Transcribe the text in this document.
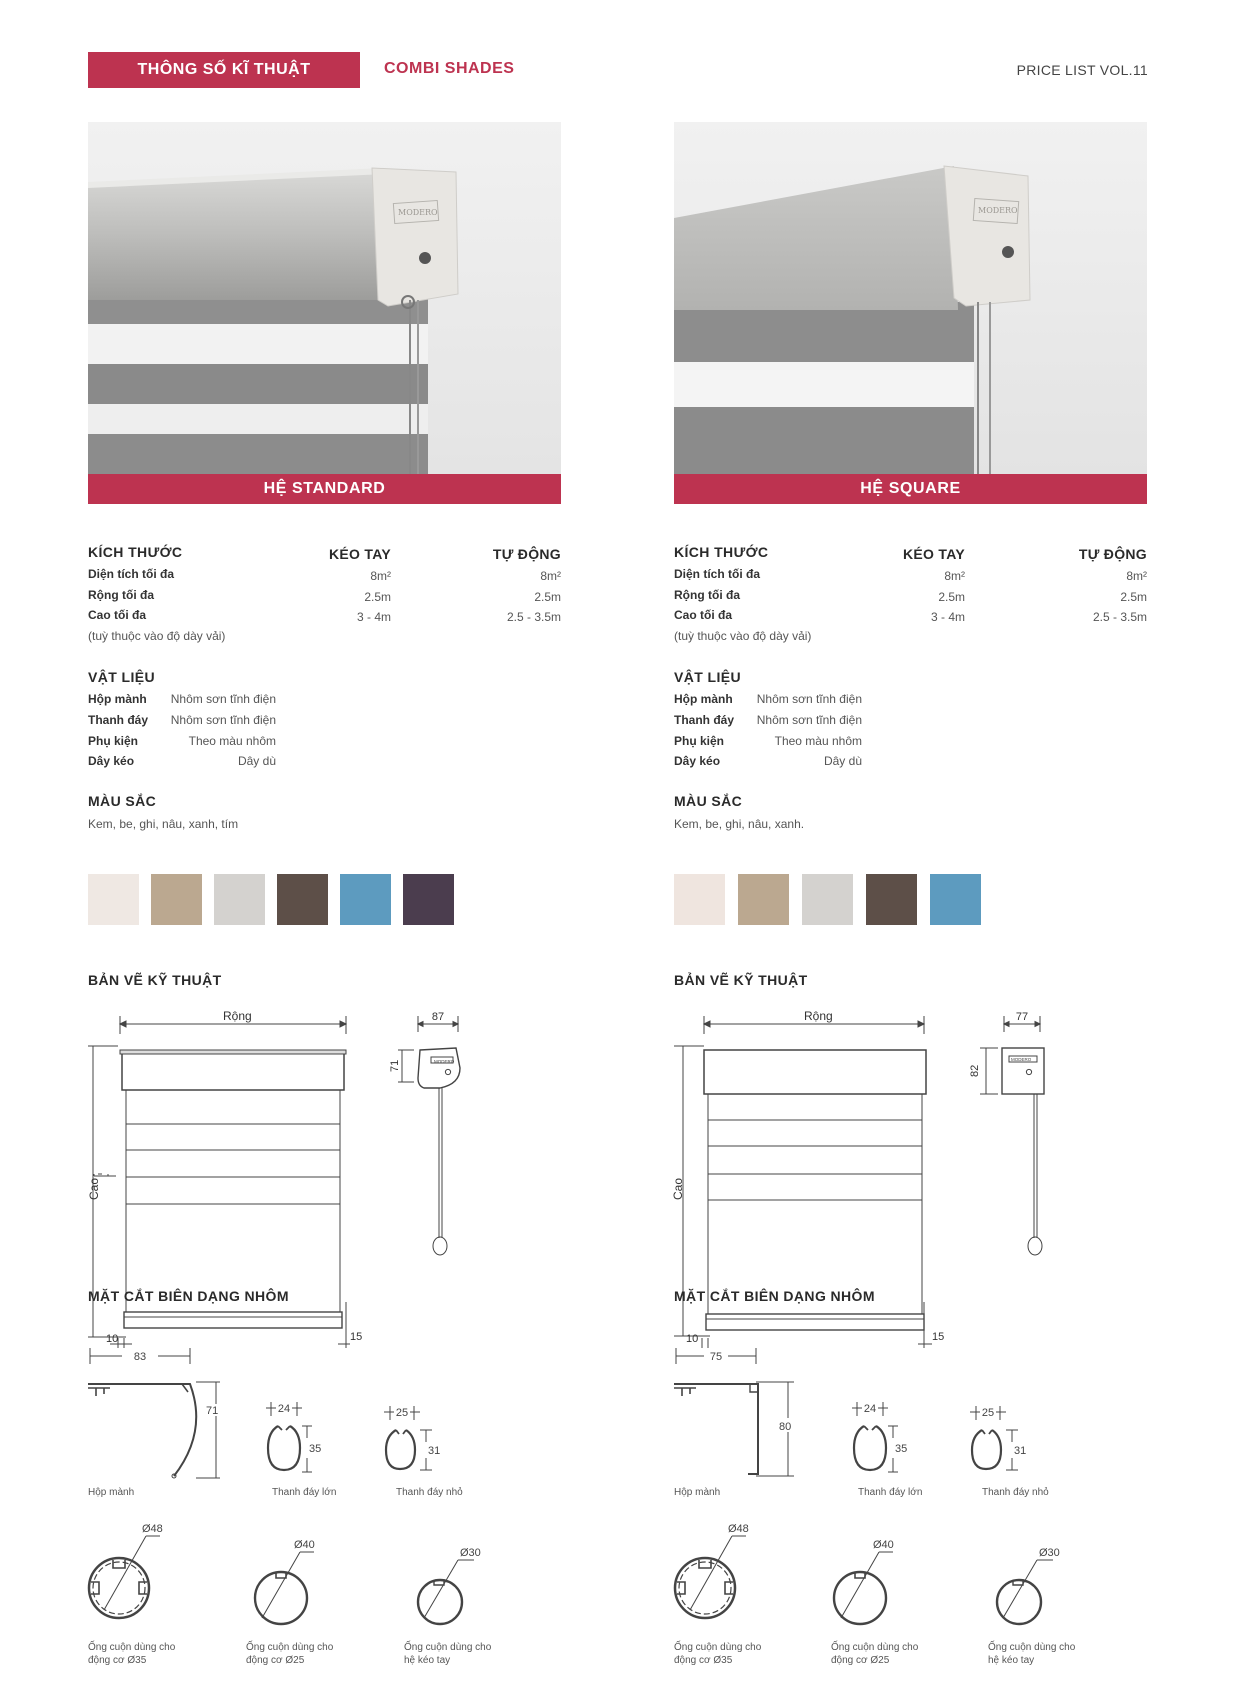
THÔNG SỐ KĨ THUẬT	COMBI SHADES	PRICE LIST VOL.11
MODERO
HỆ STANDARD
KÍCH THƯỚC	KÉO TAY	TỰ ĐỘNG
Diện tích tối đa	8m²	8m²
Rộng tối đa	2.5m	2.5m
Cao tối đa	3 - 4m	2.5 - 3.5m
(tuỳ thuộc vào độ dày vải)
VẬT LIỆU
Hộp mành	Nhôm sơn tĩnh điện
Thanh đáy	Nhôm sơn tĩnh điện
Phụ kiện	Theo màu nhôm
Dây kéo	Dây dù
MÀU SẮC
Kem, be, ghi, nâu, xanh, tím
BẢN VẼ KỸ THUẬT
Rộng
Cao
10	15
87
71	MODERO
MẶT CẮT BIÊN DẠNG NHÔM
83
71	24
35
25
31
Hộp mành	Thanh đáy lớn	Thanh đáy nhỏ
Ø48
Ø40
Ø30
Ống cuộn dùng cho
động cơ Ø35
Ống cuộn dùng cho
động cơ Ø25
Ống cuộn dùng cho
hệ kéo tay
MODERO
HỆ SQUARE
KÍCH THƯỚC	KÉO TAY	TỰ ĐỘNG
Diện tích tối đa	8m²	8m²
Rộng tối đa	2.5m	2.5m
Cao tối đa	3 - 4m	2.5 - 3.5m
(tuỳ thuộc vào độ dày vải)
VẬT LIỆU
Hộp mành	Nhôm sơn tĩnh điện
Thanh đáy	Nhôm sơn tĩnh điện
Phụ kiện	Theo màu nhôm
Dây kéo	Dây dù
MÀU SẮC
Kem, be, ghi, nâu, xanh.
BẢN VẼ KỸ THUẬT
Rộng
Cao
10	15
77
82
MODERO
MẶT CẮT BIÊN DẠNG NHÔM
75
80
24
35
25
31
Hộp mành	Thanh đáy lớn	Thanh đáy nhỏ
Ø48
Ø40
Ø30
Ống cuộn dùng cho
động cơ Ø35
Ống cuộn dùng cho
động cơ Ø25
Ống cuộn dùng cho
hệ kéo tay
